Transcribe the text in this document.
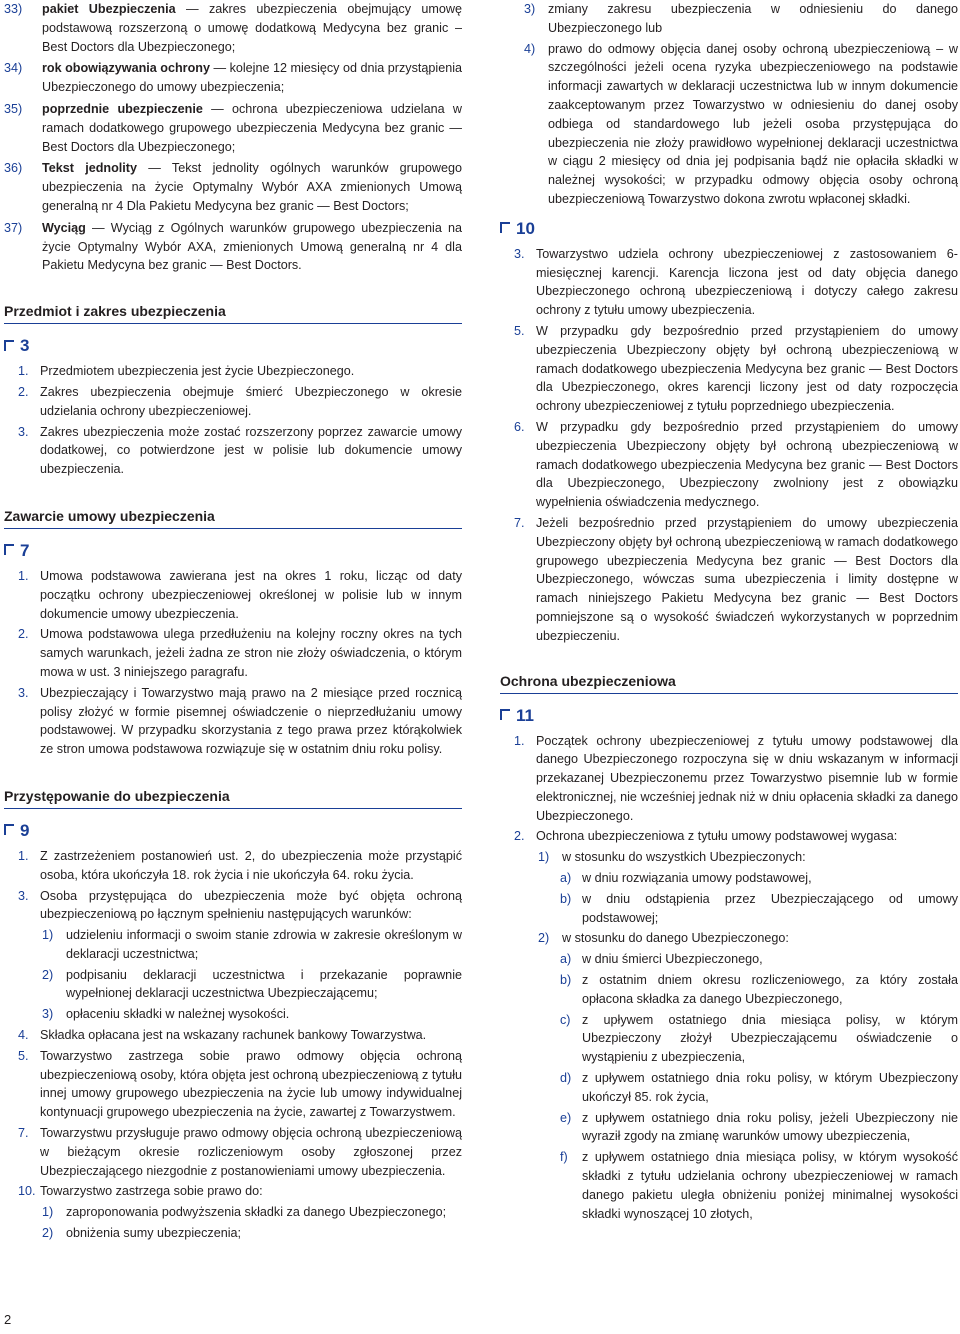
33)	pakiet Ubezpieczenia — zakres ubezpieczenia obejmujący umowę podstawową rozszerzoną o umowę dodatkową Medycyna bez granic – Best Doctors dla Ubezpieczonego;
34)	rok obowiązywania ochrony — kolejne 12 miesięcy od dnia przystąpienia Ubezpieczonego do umowy ubezpieczenia;
35)	poprzednie ubezpieczenie — ochrona ubezpieczeniowa udzielana w ramach dodatkowego grupowego ubezpieczenia Medycyna bez granic — Best Doctors dla Ubezpieczonego;
36)	Tekst jednolity — Tekst jednolity ogólnych warunków grupowego ubezpieczenia na życie Optymalny Wybór AXA zmienionych Umową generalną nr 4 Dla Pakietu Medycyna bez granic — Best Doctors;
37)	Wyciąg — Wyciąg z Ogólnych warunków grupowego ubezpieczenia na życie Optymalny Wybór AXA, zmienionych Umową generalną nr 4 dla Pakietu Medycyna bez granic — Best Doctors.
Przedmiot i zakres ubezpieczenia
3
1. Przedmiotem ubezpieczenia jest życie Ubezpieczonego.
2. Zakres ubezpieczenia obejmuje śmierć Ubezpieczonego w okresie udzielania ochrony ubezpieczeniowej.
3. Zakres ubezpieczenia może zostać rozszerzony poprzez zawarcie umowy dodatkowej, co potwierdzone jest w polisie lub dokumencie umowy ubezpieczenia.
Zawarcie umowy ubezpieczenia
7
1. Umowa podstawowa zawierana jest na okres 1 roku, licząc od daty początku ochrony ubezpieczeniowej określonej w polisie lub w innym dokumencie umowy ubezpieczenia.
2. Umowa podstawowa ulega przedłużeniu na kolejny roczny okres na tych samych warunkach, jeżeli żadna ze stron nie złoży oświadczenia, o którym mowa w ust. 3 niniejszego paragrafu.
3. Ubezpieczający i Towarzystwo mają prawo na 2 miesiące przed rocznicą polisy złożyć w formie pisemnej oświadczenie o nieprzedłużaniu umowy podstawowej. W przypadku skorzystania z tego prawa przez którąkolwiek ze stron umowa podstawowa rozwiązuje się w ostatnim dniu roku polisy.
Przystępowanie do ubezpieczenia
9
1. Z zastrzeżeniem postanowień ust. 2, do ubezpieczenia może przystąpić osoba, która ukończyła 18. rok życia i nie ukończyła 64. roku życia.
3. Osoba przystępująca do ubezpieczenia może być objęta ochroną ubezpieczeniową po łącznym spełnieniu następujących warunków:
1)	udzieleniu informacji o swoim stanie zdrowia w zakresie określonym w deklaracji uczestnictwa;
2)	podpisaniu deklaracji uczestnictwa i przekazanie poprawnie wypełnionej deklaracji uczestnictwa Ubezpieczającemu;
3)	opłaceniu składki w należnej wysokości.
4. Składka opłacana jest na wskazany rachunek bankowy Towarzystwa.
5. Towarzystwo zastrzega sobie prawo odmowy objęcia ochroną ubezpieczeniową osoby, która objęta jest ochroną ubezpieczeniową z tytułu innej umowy grupowego ubezpieczenia na życie lub umowy indywidualnej kontynuacji grupowego ubezpieczenia na życie, zawartej z Towarzystwem.
7. Towarzystwu przysługuje prawo odmowy objęcia ochroną ubezpieczeniową w bieżącym okresie rozliczeniowym osoby zgłoszonej przez Ubezpieczającego niezgodnie z postanowieniami umowy ubezpieczenia.
10. Towarzystwo zastrzega sobie prawo do:
1)	zaproponowania podwyższenia składki za danego Ubezpieczonego;
2)	obniżenia sumy ubezpieczenia;
3)	zmiany zakresu ubezpieczenia w odniesieniu do danego Ubezpieczonego lub
4)	prawo do odmowy objęcia danej osoby ochroną ubezpieczeniową – w szczególności jeżeli ocena ryzyka ubezpieczeniowego na podstawie informacji zawartych w deklaracji uczestnictwa lub w innym dokumencie zaakceptowanym przez Towarzystwo w odniesieniu do danej osoby odbiega od standardowego lub jeżeli osoba przystępująca do ubezpieczenia nie złoży prawidłowo wypełnionej deklaracji uczestnictwa w ciągu 2 miesięcy od dnia jej podpisania bądź nie opłaciła składki w należnej wysokości; w przypadku odmowy objęcia osoby ochroną ubezpieczeniową Towarzystwo dokona zwrotu wpłaconej składki.
10
3. Towarzystwo udziela ochrony ubezpieczeniowej z zastosowaniem 6-miesięcznej karencji. Karencja liczona jest od daty objęcia danego Ubezpieczonego ochroną ubezpieczeniową i dotyczy całego zakresu ochrony z tytułu umowy ubezpieczenia.
5. W przypadku gdy bezpośrednio przed przystąpieniem do umowy ubezpieczenia Ubezpieczony objęty był ochroną ubezpieczeniową w ramach dodatkowego ubezpieczenia Medycyna bez granic — Best Doctors dla Ubezpieczonego, okres karencji liczony jest od daty rozpoczęcia ochrony ubezpieczeniowej z tytułu poprzedniego ubezpieczenia.
6. W przypadku gdy bezpośrednio przed przystąpieniem do umowy ubezpieczenia Ubezpieczony objęty był ochroną ubezpieczeniową w ramach dodatkowego ubezpieczenia Medycyna bez granic — Best Doctors dla Ubezpieczonego, Ubezpieczony zwolniony jest z obowiązku wypełnienia oświadczenia medycznego.
7. Jeżeli bezpośrednio przed przystąpieniem do umowy ubezpieczenia Ubezpieczony objęty był ochroną ubezpieczeniową w ramach dodatkowego grupowego ubezpieczenia Medycyna bez granic — Best Doctors dla Ubezpieczonego, wówczas suma ubezpieczenia i limity dostępne w ramach niniejszego Pakietu Medycyna bez granic — Best Doctors pomniejszone są o wysokość świadczeń wykorzystanych w poprzednim ubezpieczeniu.
Ochrona ubezpieczeniowa
11
1. Początek ochrony ubezpieczeniowej z tytułu umowy podstawowej dla danego Ubezpieczonego rozpoczyna się w dniu wskazanym w informacji przekazanej Ubezpieczonemu przez Towarzystwo pisemnie lub w formie elektronicznej, nie wcześniej jednak niż w dniu opłacenia składki za danego Ubezpieczonego.
2. Ochrona ubezpieczeniowa z tytułu umowy podstawowej wygasa:
1)	w stosunku do wszystkich Ubezpieczonych:
a) w dniu rozwiązania umowy podstawowej,
b) w dniu odstąpienia przez Ubezpieczającego od umowy podstawowej;
2)	w stosunku do danego Ubezpieczonego:
a) w dniu śmierci Ubezpieczonego,
b) z ostatnim dniem okresu rozliczeniowego, za który została opłacona składka za danego Ubezpieczonego,
c) z upływem ostatniego dnia miesiąca polisy, w którym Ubezpieczony złożył Ubezpieczającemu oświadczenie o wystąpieniu z ubezpieczenia,
d) z upływem ostatniego dnia roku polisy, w którym Ubezpieczony ukończył 85. rok życia,
e) z upływem ostatniego dnia roku polisy, jeżeli Ubezpieczony nie wyraził zgody na zmianę warunków umowy ubezpieczenia,
f)	z upływem ostatniego dnia miesiąca polisy, w którym wysokość składki z tytułu udzielania ochrony ubezpieczeniowej w ramach danego pakietu uległa obniżeniu poniżej minimalnej wysokości składki wynoszącej 10 złotych,
2
